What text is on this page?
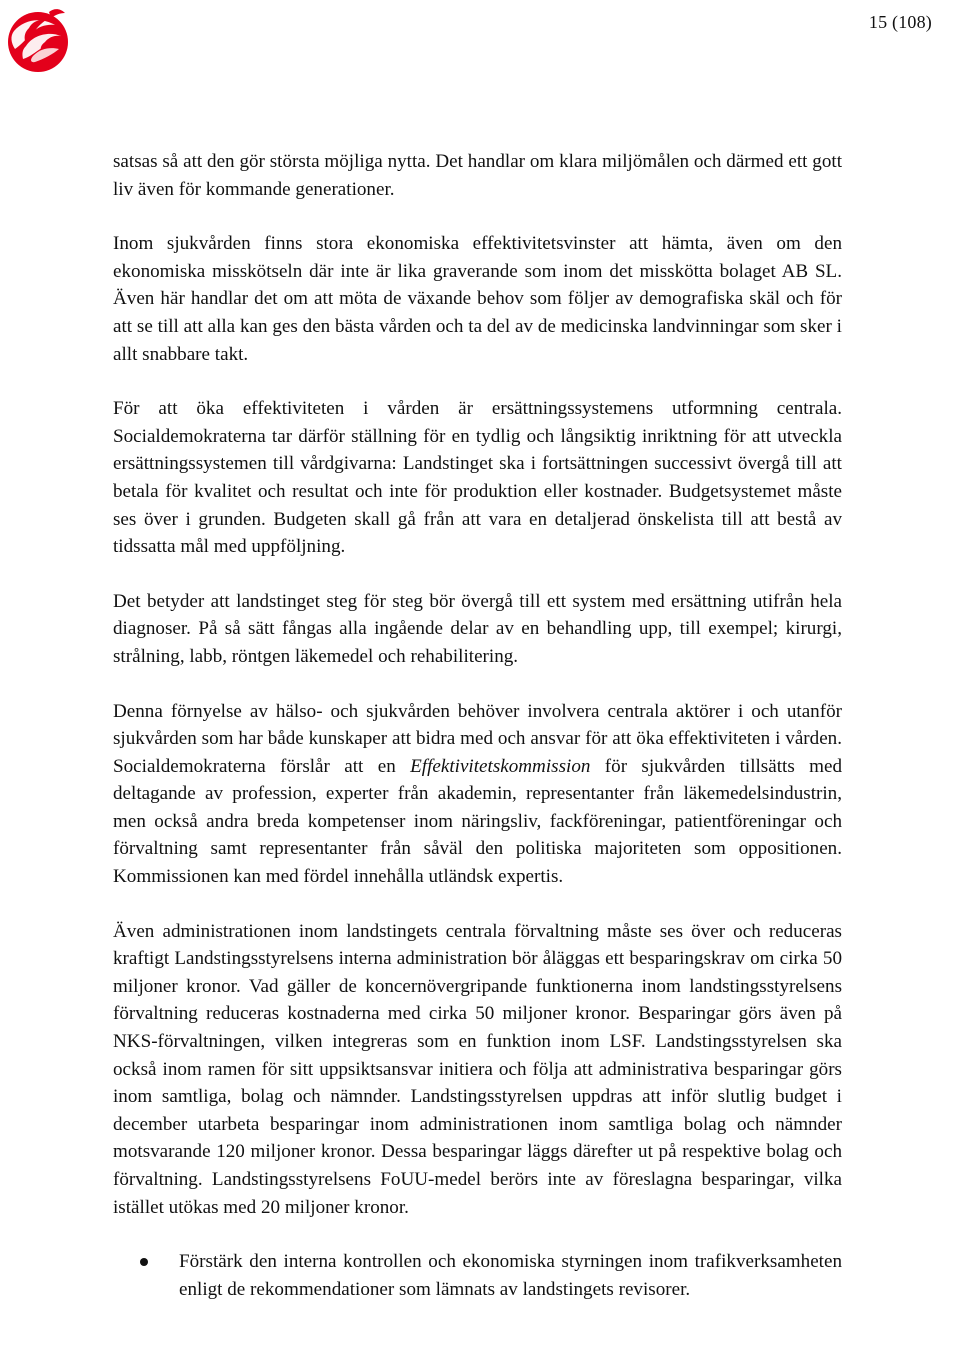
15 (108)

satsas så att den gör största möjliga nytta. Det handlar om klara miljömålen och därmed ett gott liv även för kommande generationer.

Inom sjukvården finns stora ekonomiska effektivitetsvinster att hämta, även om den ekonomiska misskötseln där inte är lika graverande som inom det misskötta bolaget AB SL. Även här handlar det om att möta de växande behov som följer av demografiska skäl och för att se till att alla kan ges den bästa vården och ta del av de medicinska landvinningar som sker i allt snabbare takt.

För att öka effektiviteten i vården är ersättningssystemens utformning centrala. Socialdemokraterna tar därför ställning för en tydlig och långsiktig inriktning för att utveckla ersättningssystemen till vårdgivarna: Landstinget ska i fortsättningen successivt övergå till att betala för kvalitet och resultat och inte för produktion eller kostnader. Budgetsystemet måste ses över i grunden. Budgeten skall gå från att vara en detaljerad önskelista till att bestå av tidssatta mål med uppföljning.

Det betyder att landstinget steg för steg bör övergå till ett system med ersättning utifrån hela diagnoser. På så sätt fångas alla ingående delar av en behandling upp, till exempel; kirurgi, strålning, labb, röntgen läkemedel och rehabilitering.

Denna förnyelse av hälso- och sjukvården behöver involvera centrala aktörer i och utanför sjukvården som har både kunskaper att bidra med och ansvar för att öka effektiviteten i vården. Socialdemokraterna förslår att en Effektivitetskommission för sjukvården tillsätts med deltagande av profession, experter från akademin, representanter från läkemedelsindustrin, men också andra breda kompetenser inom näringsliv, fackföreningar, patientföreningar och förvaltning samt representanter från såväl den politiska majoriteten som oppositionen. Kommissionen kan med fördel innehålla utländsk expertis.

Även administrationen inom landstingets centrala förvaltning måste ses över och reduceras kraftigt Landstingsstyrelsens interna administration bör åläggas ett besparingskrav om cirka 50 miljoner kronor. Vad gäller de koncernövergripande funktionerna inom landstingsstyrelsens förvaltning reduceras kostnaderna med cirka 50 miljoner kronor. Besparingar görs även på NKS-förvaltningen, vilken integreras som en funktion inom LSF. Landstingsstyrelsen ska också inom ramen för sitt uppsiktsansvar initiera och följa att administrativa besparingar görs inom samtliga, bolag och nämnder. Landstingsstyrelsen uppdras att inför slutlig budget i december utarbeta besparingar inom administrationen inom samtliga bolag och nämnder motsvarande 120 miljoner kronor. Dessa besparingar läggs därefter ut på respektive bolag och förvaltning. Landstingsstyrelsens FoUU-medel berörs inte av föreslagna besparingar, vilka istället utökas med 20 miljoner kronor.

Förstärk den interna kontrollen och ekonomiska styrningen inom trafikverksamheten enligt de rekommendationer som lämnats av landstingets revisorer.
